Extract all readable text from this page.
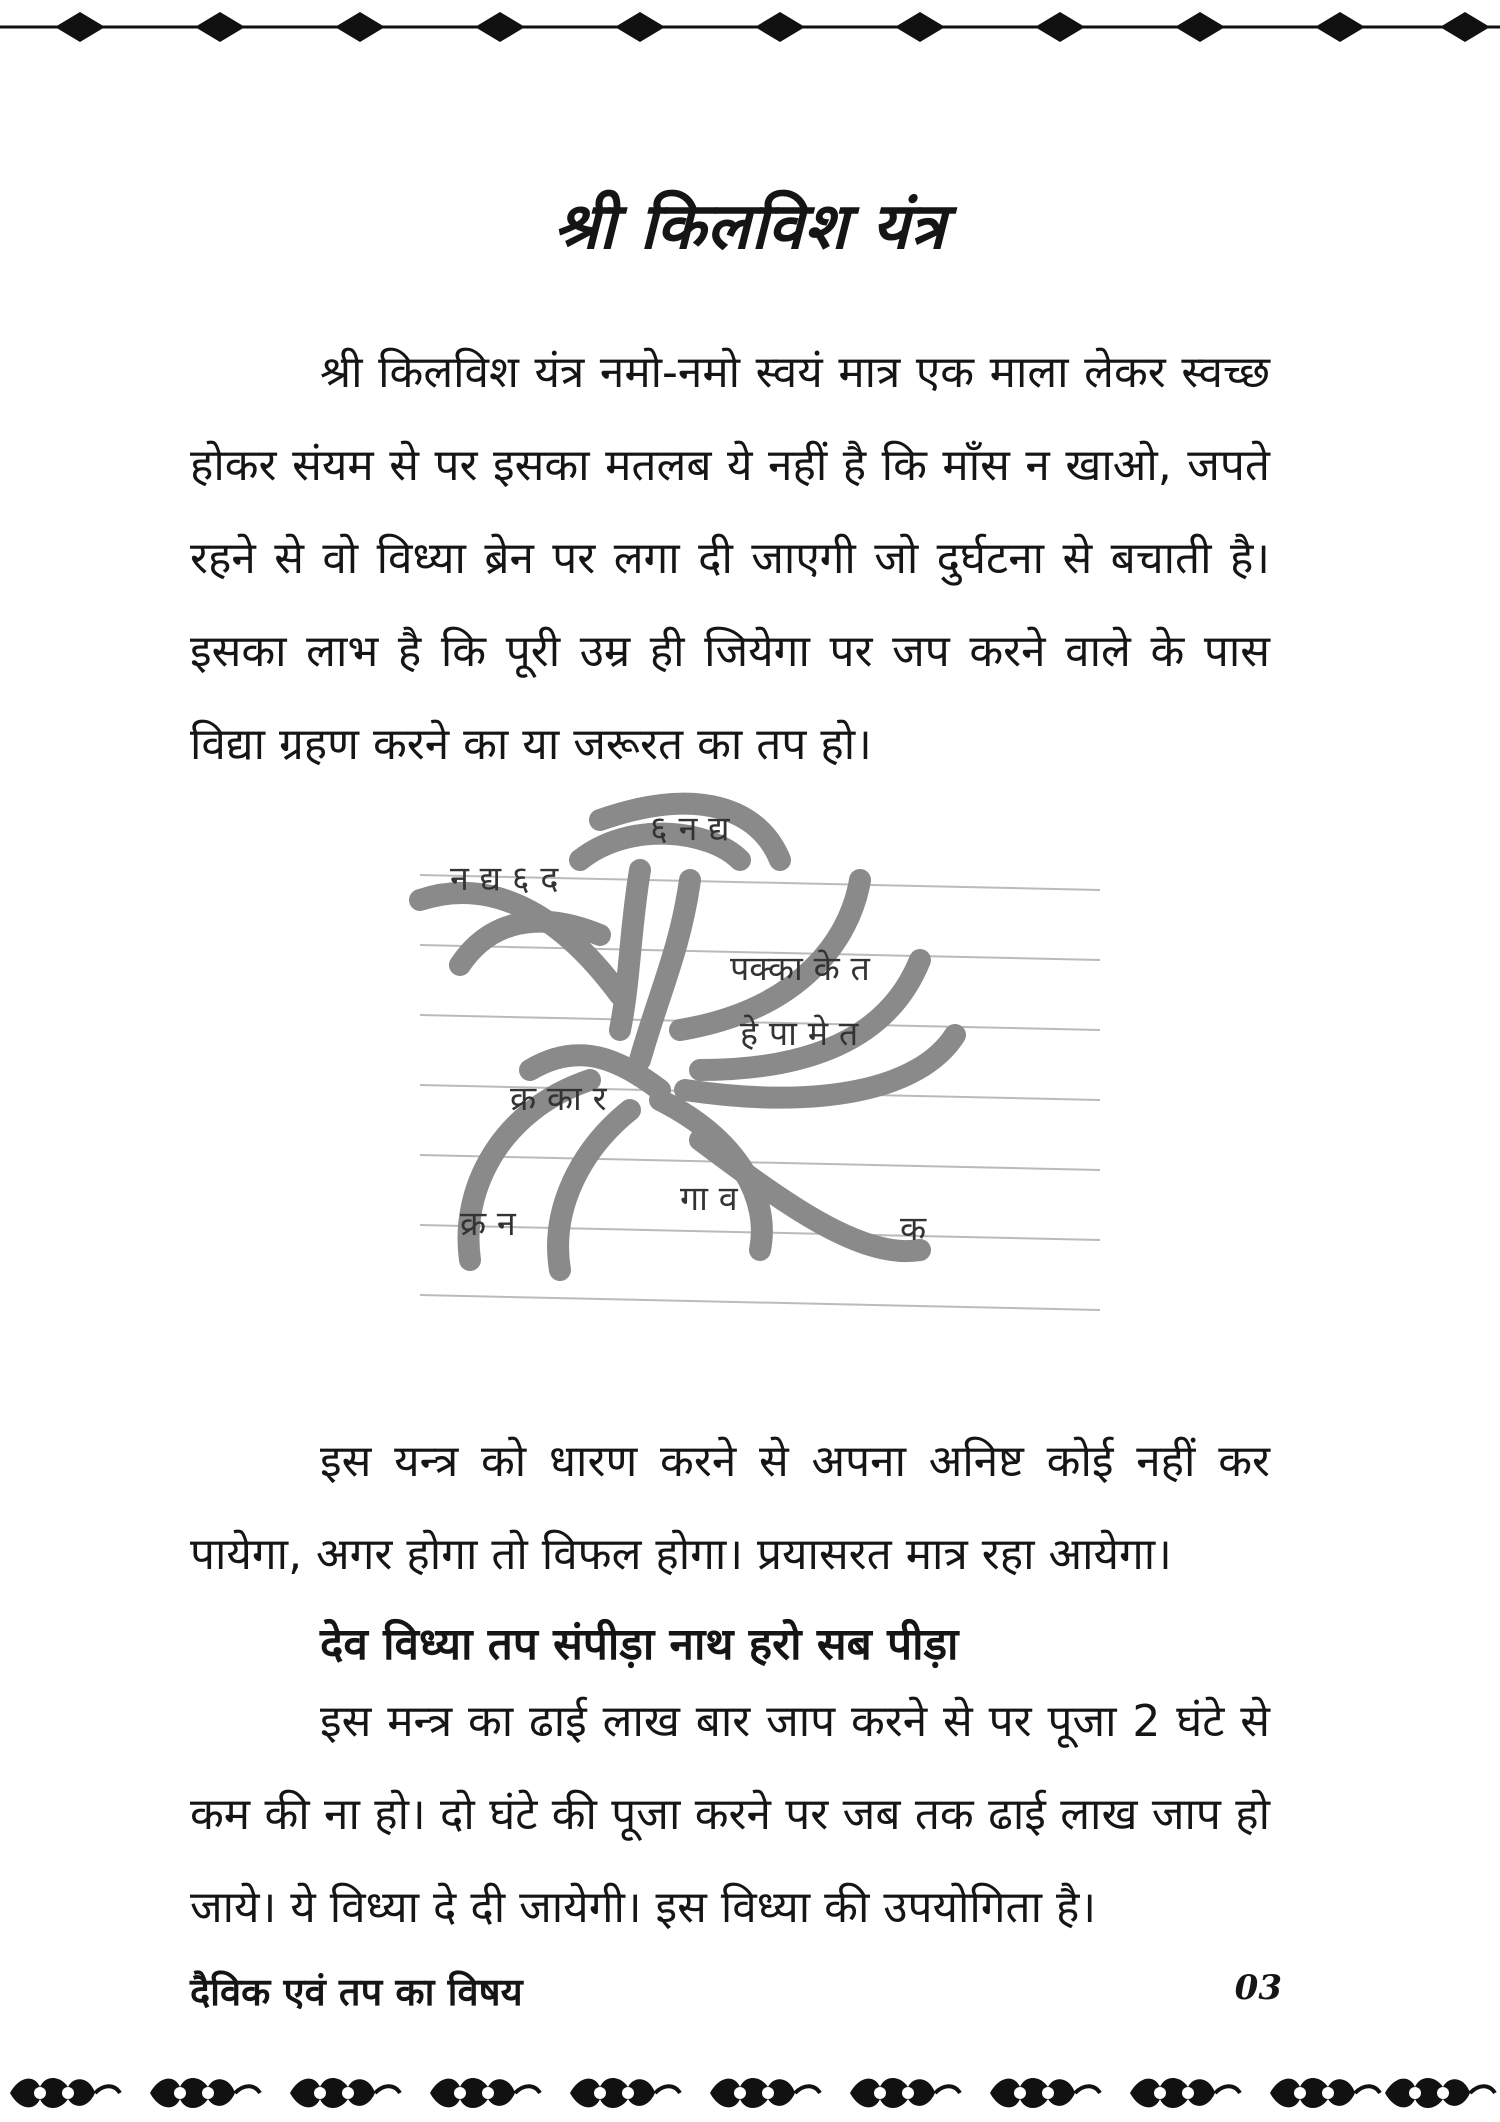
श्री किलविश यंत्र

श्री किलविश यंत्र नमो-नमो स्वयं मात्र एक माला लेकर स्वच्छ होकर संयम से पर इसका मतलब ये नहीं है कि माँस न खाओ, जपते रहने से वो विध्या ब्रेन पर लगा दी जाएगी जो दुर्घटना से बचाती है। इसका लाभ है कि पूरी उम्र ही जियेगा पर जप करने वाले के पास विद्या ग्रहण करने का या जरूरत का तप हो।

न द्य ६ द
६ न द्य
पक्का के त
हे पा मे त
क्र का र
क्र न
गा व
क

इस यन्त्र को धारण करने से अपना अनिष्ट कोई नहीं कर पायेगा, अगर होगा तो विफल होगा। प्रयासरत मात्र रहा आयेगा।

देव विध्या तप संपीड़ा नाथ हरो सब पीड़ा

इस मन्त्र का ढाई लाख बार जाप करने से पर पूजा 2 घंटे से कम की ना हो। दो घंटे की पूजा करने पर जब तक ढाई लाख जाप हो जाये। ये विध्या दे दी जायेगी। इस विध्या की उपयोगिता है।

दैविक एवं तप का विषय	03
